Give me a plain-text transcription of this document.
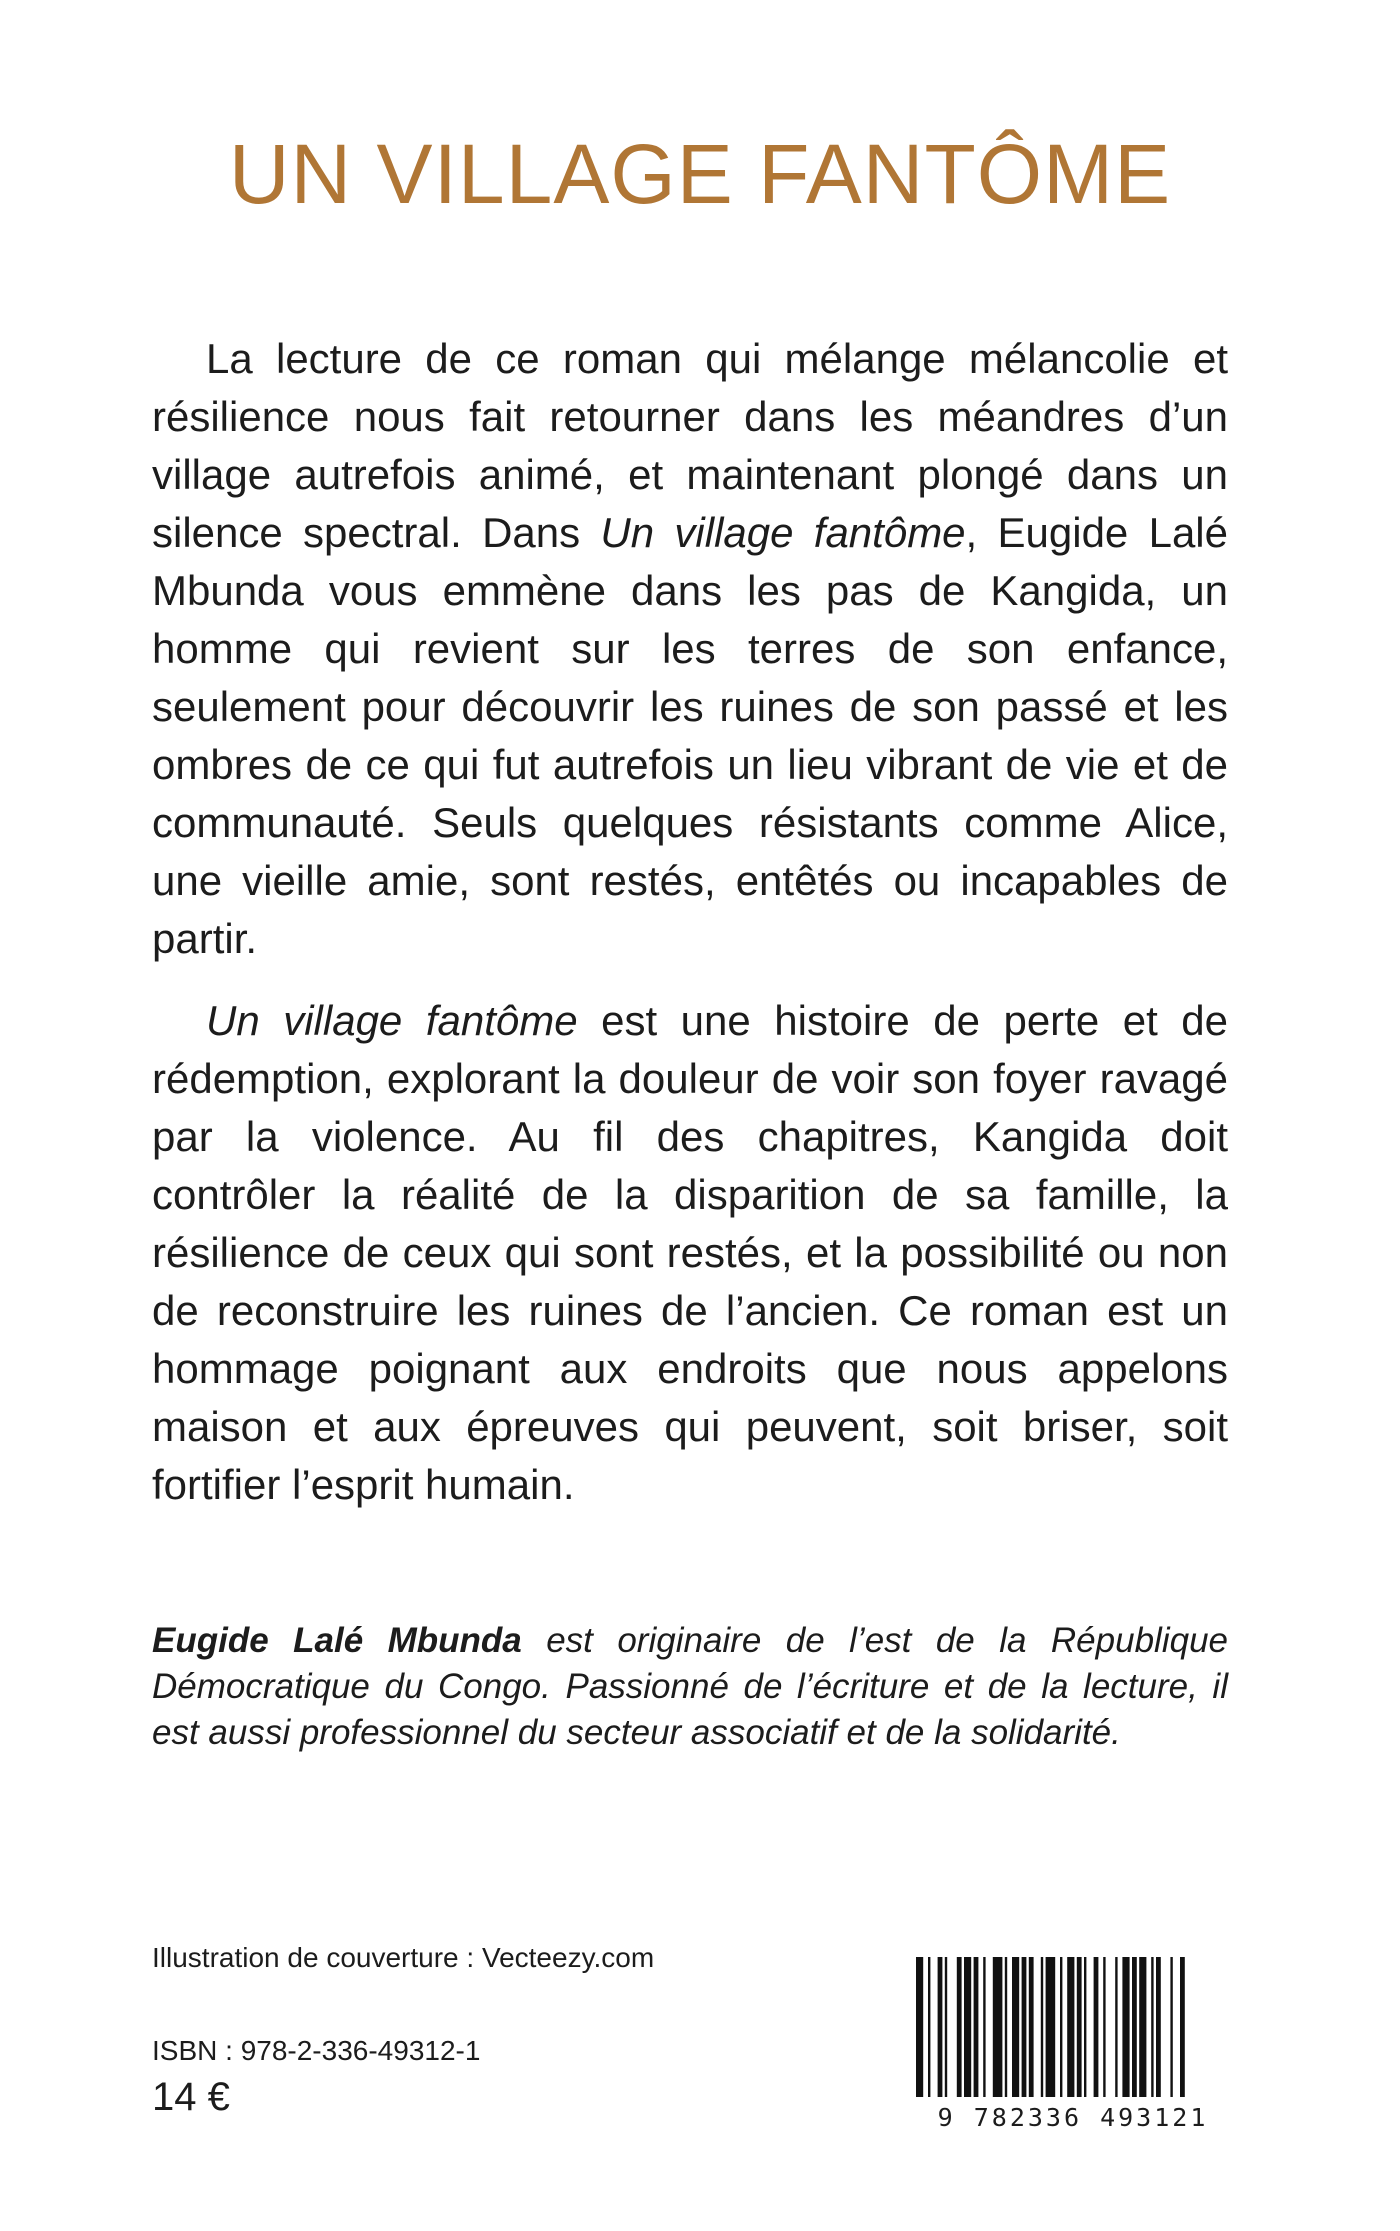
UN VILLAGE FANTÔME

La lecture de ce roman qui mélange mélancolie et résilience nous fait retourner dans les méandres d’un village autrefois animé, et maintenant plongé dans un silence spectral. Dans Un village fantôme, Eugide Lalé Mbunda vous emmène dans les pas de Kangida, un homme qui revient sur les terres de son enfance, seulement pour découvrir les ruines de son passé et les ombres de ce qui fut autrefois un lieu vibrant de vie et de communauté. Seuls quelques résistants comme Alice, une vieille amie, sont restés, entêtés ou incapables de partir.

Un village fantôme est une histoire de perte et de rédemption, explorant la douleur de voir son foyer ravagé par la violence. Au fil des chapitres, Kangida doit contrôler la réalité de la disparition de sa famille, la résilience de ceux qui sont restés, et la possibilité ou non de reconstruire les ruines de l’ancien. Ce roman est un hommage poignant aux endroits que nous appelons maison et aux épreuves qui peuvent, soit briser, soit fortifier l’esprit humain.

Eugide Lalé Mbunda est originaire de l’est de la République Démocratique du Congo. Passionné de l’écriture et de la lecture, il est aussi professionnel du secteur associatif et de la solidarité.

Illustration de couverture : Vecteezy.com

ISBN : 978-2-336-49312-1

14 €	9 782336 493121
